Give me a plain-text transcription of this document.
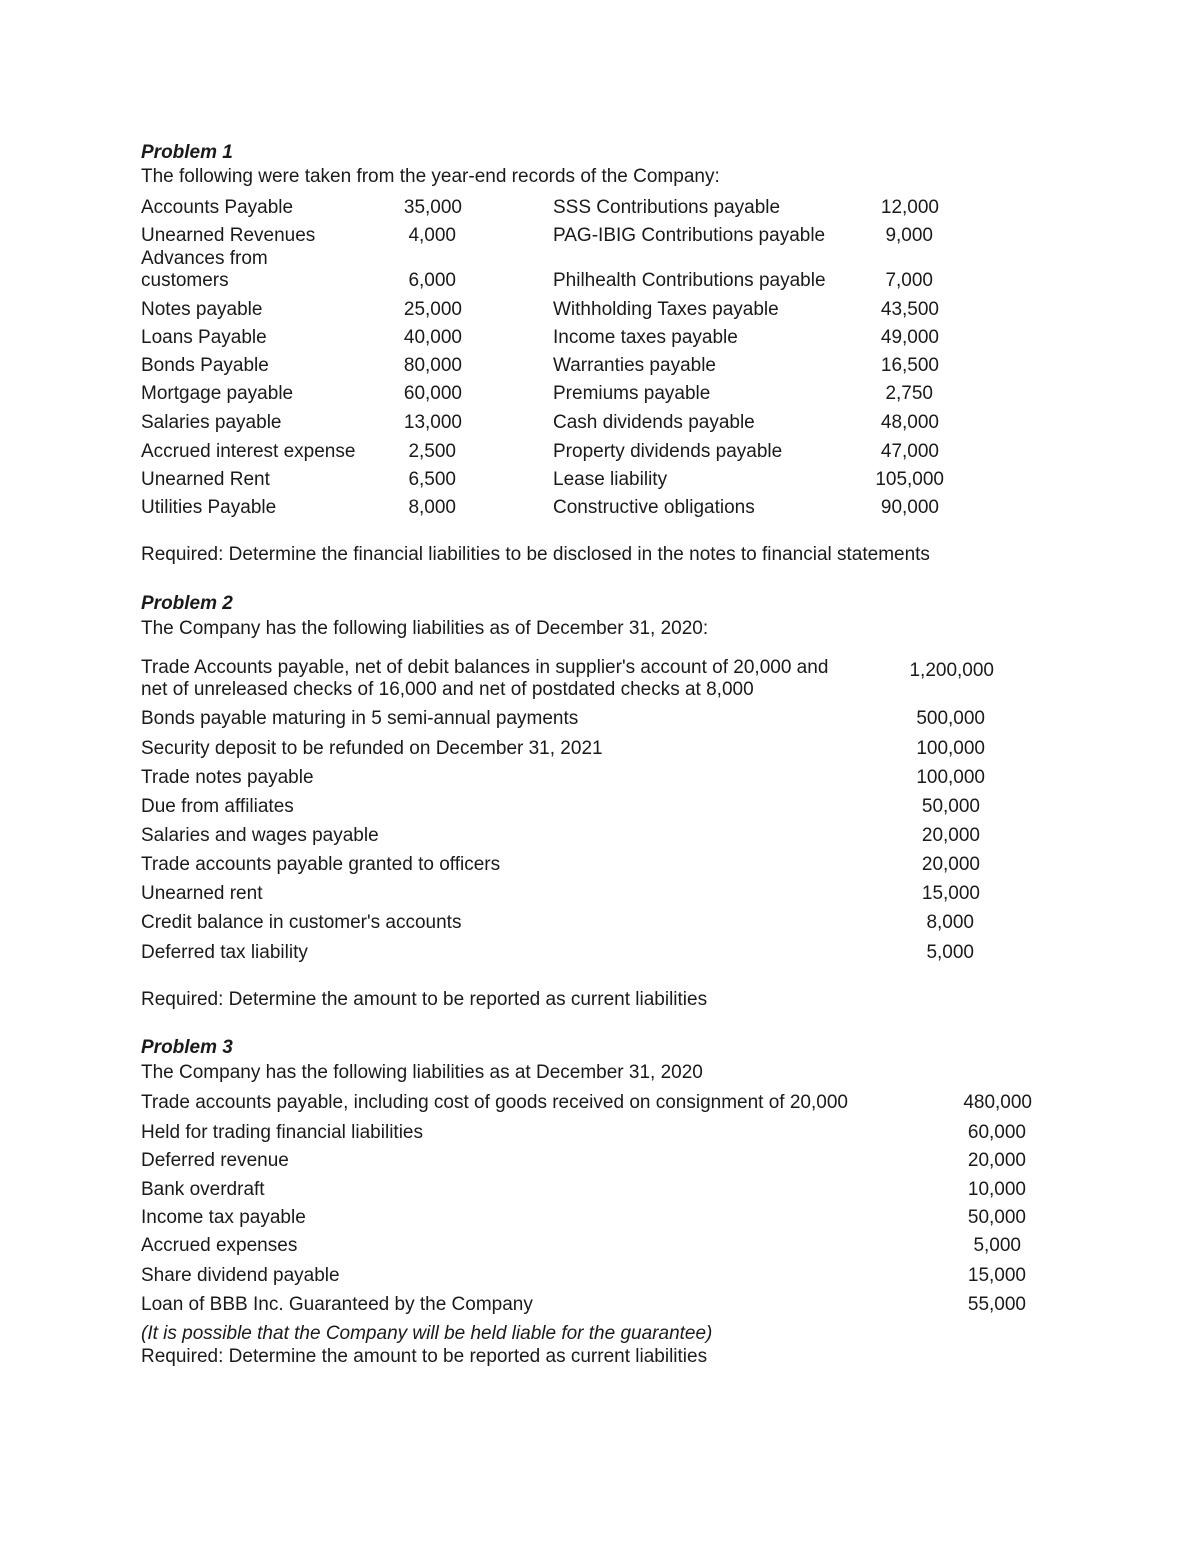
Problem 1
The following were taken from the year-end records of the Company:
Accounts Payable
Unearned Revenues
Advances from
customers
Notes payable
Loans Payable
Bonds Payable
Mortgage payable
Salaries payable
Accrued interest expense
Unearned Rent
Utilities Payable
35,000
4,000
6,000
25,000
40,000
80,000
60,000
13,000
2,500
6,500
8,000
SSS Contributions payable
PAG-IBIG Contributions payable
Philhealth Contributions payable
Withholding Taxes payable
Income taxes payable
Warranties payable
Premiums payable
Cash dividends payable
Property dividends payable
Lease liability
Constructive obligations
12,000
9,000
7,000
43,500
49,000
16,500
2,750
48,000
47,000
105,000
90,000
Required: Determine the financial liabilities to be disclosed in the notes to financial statements
Problem 2
The Company has the following liabilities as of December 31, 2020:
Trade Accounts payable, net of debit balances in supplier's account of 20,000 and
net of unreleased checks of 16,000 and net of postdated checks at 8,000
1,200,000
Bonds payable maturing in 5 semi-annual payments
Security deposit to be refunded on December 31, 2021
Trade notes payable
Due from affiliates
Salaries and wages payable
Trade accounts payable granted to officers
Unearned rent
Credit balance in customer's accounts
Deferred tax liability
500,000
100,000
100,000
50,000
20,000
20,000
15,000
8,000
5,000
Required: Determine the amount to be reported as current liabilities
Problem 3
The Company has the following liabilities as at December 31, 2020
Trade accounts payable, including cost of goods received on consignment of 20,000
Held for trading financial liabilities
Deferred revenue
Bank overdraft
Income tax payable
Accrued expenses
Share dividend payable
Loan of BBB Inc. Guaranteed by the Company
480,000
60,000
20,000
10,000
50,000
5,000
15,000
55,000
(It is possible that the Company will be held liable for the guarantee)
Required: Determine the amount to be reported as current liabilities
